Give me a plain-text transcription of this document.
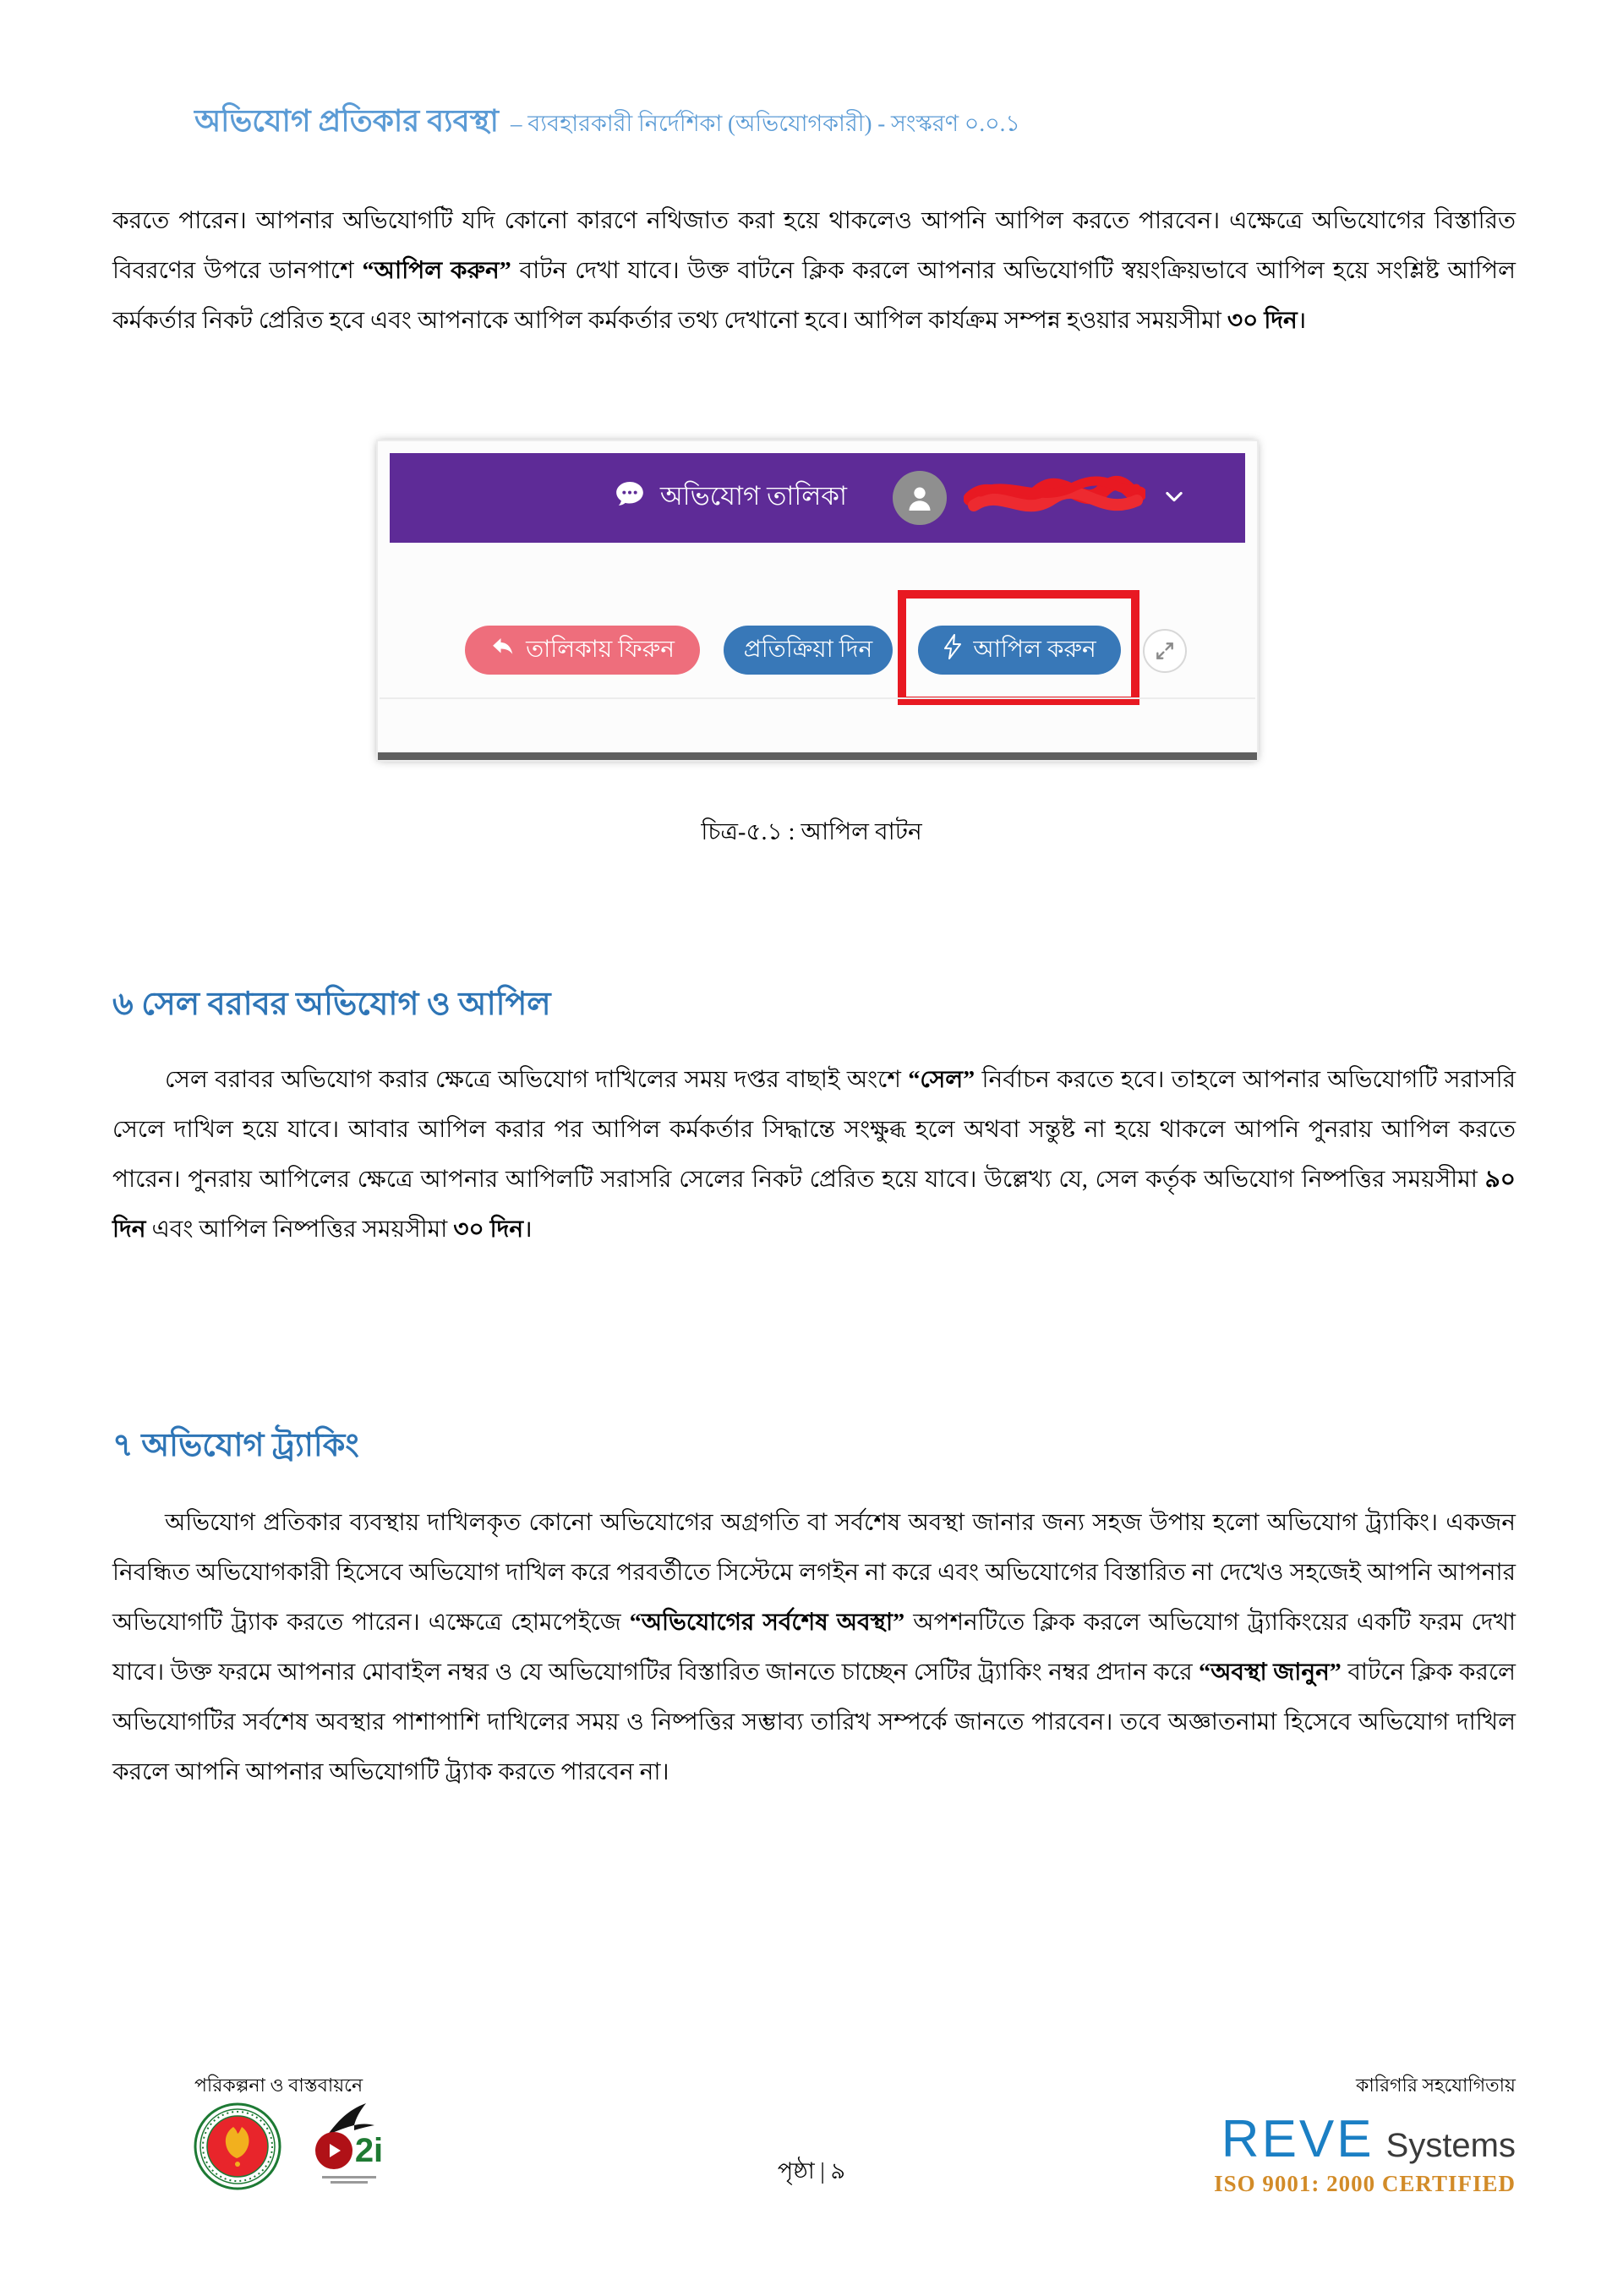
অভিযোগ প্রতিকার ব্যবস্থা – ব্যবহারকারী নির্দেশিকা (অভিযোগকারী) - সংস্করণ ০.০.১
করতে পারেন। আপনার অভিযোগটি যদি কোনো কারণে নথিজাত করা হয়ে থাকলেও আপনি আপিল করতে পারবেন। এক্ষেত্রে অভিযোগের বিস্তারিত বিবরণের উপরে ডানপাশে “আপিল করুন” বাটন দেখা যাবে। উক্ত বাটনে ক্লিক করলে আপনার অভিযোগটি স্বয়ংক্রিয়ভাবে আপিল হয়ে সংশ্লিষ্ট আপিল কর্মকর্তার নিকট প্রেরিত হবে এবং আপনাকে আপিল কর্মকর্তার তথ্য দেখানো হবে। আপিল কার্যক্রম সম্পন্ন হওয়ার সময়সীমা ৩০ দিন।
অভিযোগ তালিকা
তালিকায় ফিরুন	প্রতিক্রিয়া দিন	আপিল করুন
চিত্র-৫.১ : আপিল বাটন
৬ সেল বরাবর অভিযোগ ও আপিল
সেল বরাবর অভিযোগ করার ক্ষেত্রে অভিযোগ দাখিলের সময় দপ্তর বাছাই অংশে “সেল” নির্বাচন করতে হবে। তাহলে আপনার অভিযোগটি সরাসরি সেলে দাখিল হয়ে যাবে। আবার আপিল করার পর আপিল কর্মকর্তার সিদ্ধান্তে সংক্ষুব্ধ হলে অথবা সন্তুষ্ট না হয়ে থাকলে আপনি পুনরায় আপিল করতে পারেন। পুনরায় আপিলের ক্ষেত্রে আপনার আপিলটি সরাসরি সেলের নিকট প্রেরিত হয়ে যাবে। উল্লেখ্য যে, সেল কর্তৃক অভিযোগ নিষ্পত্তির সময়সীমা ৯০ দিন এবং আপিল নিষ্পত্তির সময়সীমা ৩০ দিন।
৭ অভিযোগ ট্র্যাকিং
অভিযোগ প্রতিকার ব্যবস্থায় দাখিলকৃত কোনো অভিযোগের অগ্রগতি বা সর্বশেষ অবস্থা জানার জন্য সহজ উপায় হলো অভিযোগ ট্র্যাকিং। একজন নিবন্ধিত অভিযোগকারী হিসেবে অভিযোগ দাখিল করে পরবর্তীতে সিস্টেমে লগইন না করে এবং অভিযোগের বিস্তারিত না দেখেও সহজেই আপনি আপনার অভিযোগটি ট্র্যাক করতে পারেন। এক্ষেত্রে হোমপেইজে “অভিযোগের সর্বশেষ অবস্থা” অপশনটিতে ক্লিক করলে অভিযোগ ট্র্যাকিংয়ের একটি ফরম দেখা যাবে। উক্ত ফরমে আপনার মোবাইল নম্বর ও যে অভিযোগটির বিস্তারিত জানতে চাচ্ছেন সেটির ট্র্যাকিং নম্বর প্রদান করে “অবস্থা জানুন” বাটনে ক্লিক করলে অভিযোগটির সর্বশেষ অবস্থার পাশাপাশি দাখিলের সময় ও নিষ্পত্তির সম্ভাব্য তারিখ সম্পর্কে জানতে পারবেন। তবে অজ্ঞাতনামা হিসেবে অভিযোগ দাখিল করলে আপনি আপনার অভিযোগটি ট্র্যাক করতে পারবেন না।
পরিকল্পনা ও বাস্তবায়নে	কারিগরি সহযোগিতায়
2i
পৃষ্ঠা | ৯
REVE Systems
ISO 9001: 2000 CERTIFIED
